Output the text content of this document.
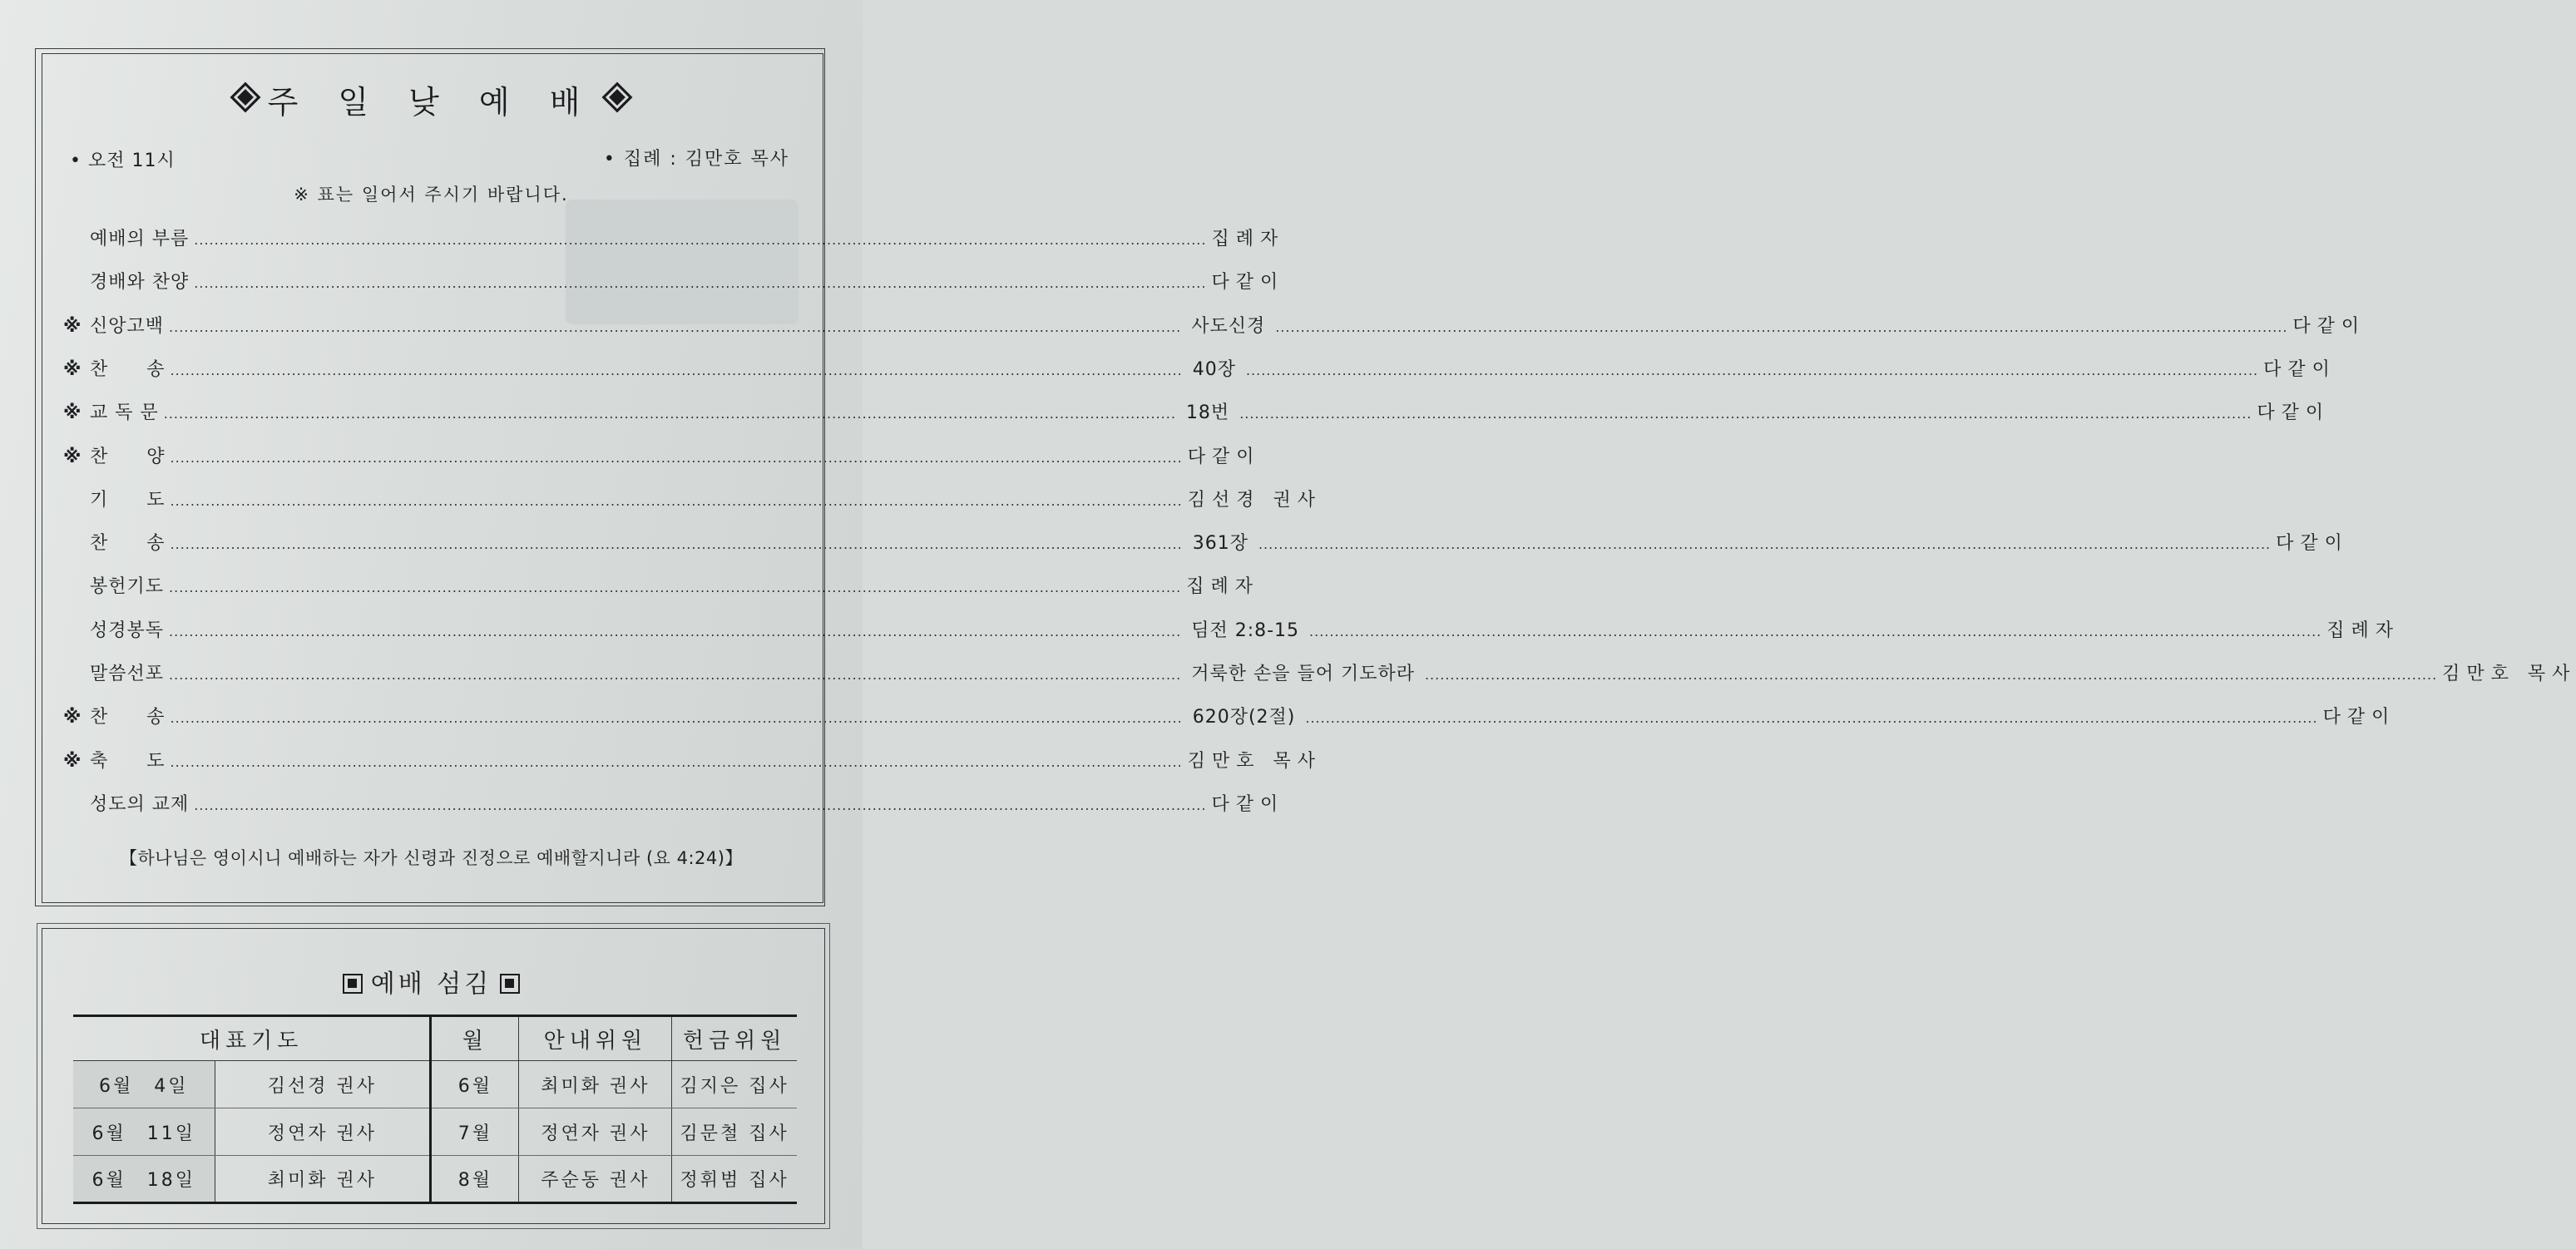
주 일 낮 예 배
• 오전 11시	• 집례 : 김만호 목사
※ 표는 일어서 주시기 바랍니다.
예배의 부름 ........................................................................................................................................................................................................ 집례자
경배와 찬양 ........................................................................................................................................................................................................ 다같이
※ 신앙고백 ........................................................................................................................................................................................................ 사도신경 ........................................................................................................................................................................................................ 다같이
※ 찬　　송 ........................................................................................................................................................................................................ 40장 ........................................................................................................................................................................................................ 다같이
※ 교 독 문 ........................................................................................................................................................................................................ 18번 ........................................................................................................................................................................................................ 다같이
※ 찬　　양 ........................................................................................................................................................................................................ 다같이
기　　도 ........................................................................................................................................................................................................ 김선경 권사
찬　　송 ........................................................................................................................................................................................................ 361장 ........................................................................................................................................................................................................ 다같이
봉헌기도 ........................................................................................................................................................................................................ 집례자
성경봉독 ........................................................................................................................................................................................................ 딤전 2:8-15 ........................................................................................................................................................................................................ 집례자
말씀선포 ........................................................................................................................................................................................................ 거룩한 손을 들어 기도하라 ........................................................................................................................................................................................................ 김만호 목사
※ 찬　　송 ........................................................................................................................................................................................................ 620장(2절) ........................................................................................................................................................................................................ 다같이
※ 축　　도 ........................................................................................................................................................................................................ 김만호 목사
성도의 교제 ........................................................................................................................................................................................................ 다같이
【하나님은 영이시니 예배하는 자가 신령과 진정으로 예배할지니라 (요 4:24)】
예배 섬김
대표기도		월	안내위원	헌금위원
6월　4일	김선경 권사	6월	최미화 권사	김지은 집사
6월　11일	정연자 권사	7월	정연자 권사	김문철 집사
6월　18일	최미화 권사	8월	주순동 권사	정휘범 집사
